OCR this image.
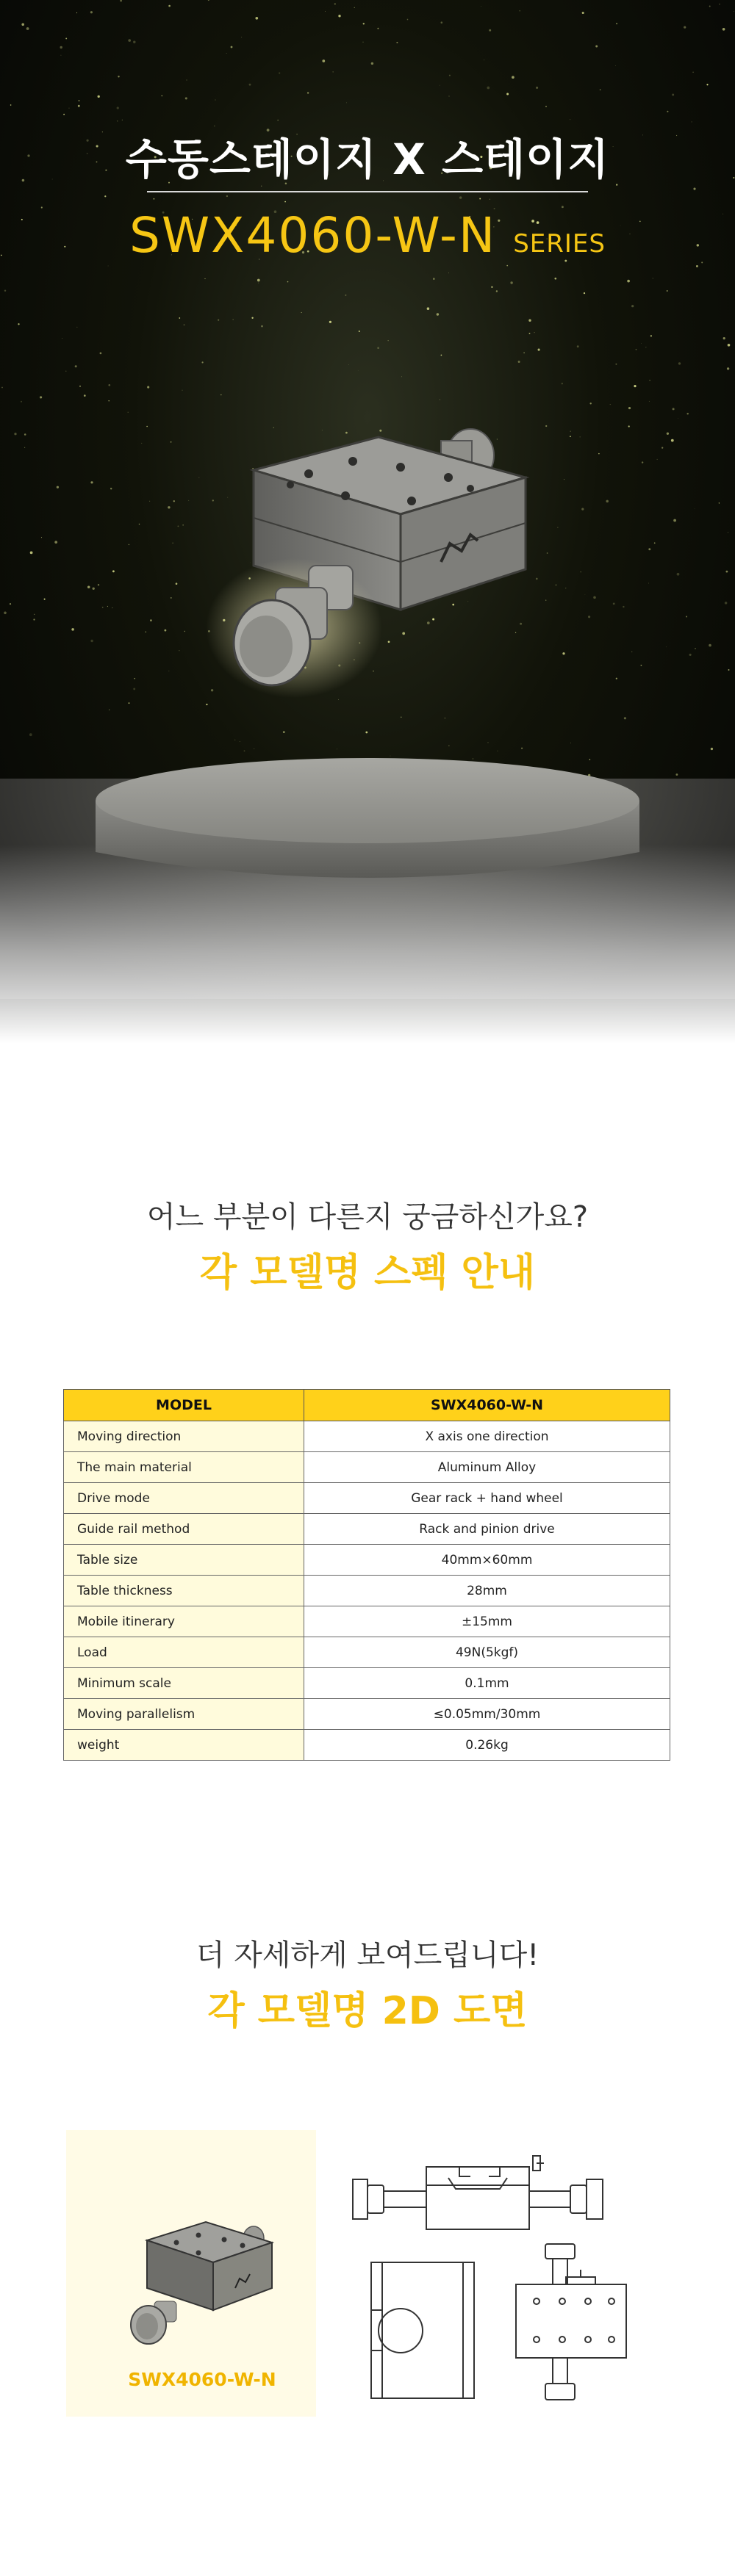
수동스테이지 X 스테이지
SWX4060-W-N SERIES
어느 부분이 다른지 궁금하신가요?
각 모델명 스펙 안내
MODEL	SWX4060-W-N
Moving direction	X axis one direction
The main material	Aluminum Alloy
Drive mode	Gear rack + hand wheel
Guide rail method	Rack and pinion drive
Table size	40mm×60mm
Table thickness	28mm
Mobile itinerary	±15mm
Load	49N(5kgf)
Minimum scale	0.1mm
Moving parallelism	≤0.05mm/30mm
weight	0.26kg
더 자세하게 보여드립니다!
각 모델명 2D 도면
SWX4060-W-N
